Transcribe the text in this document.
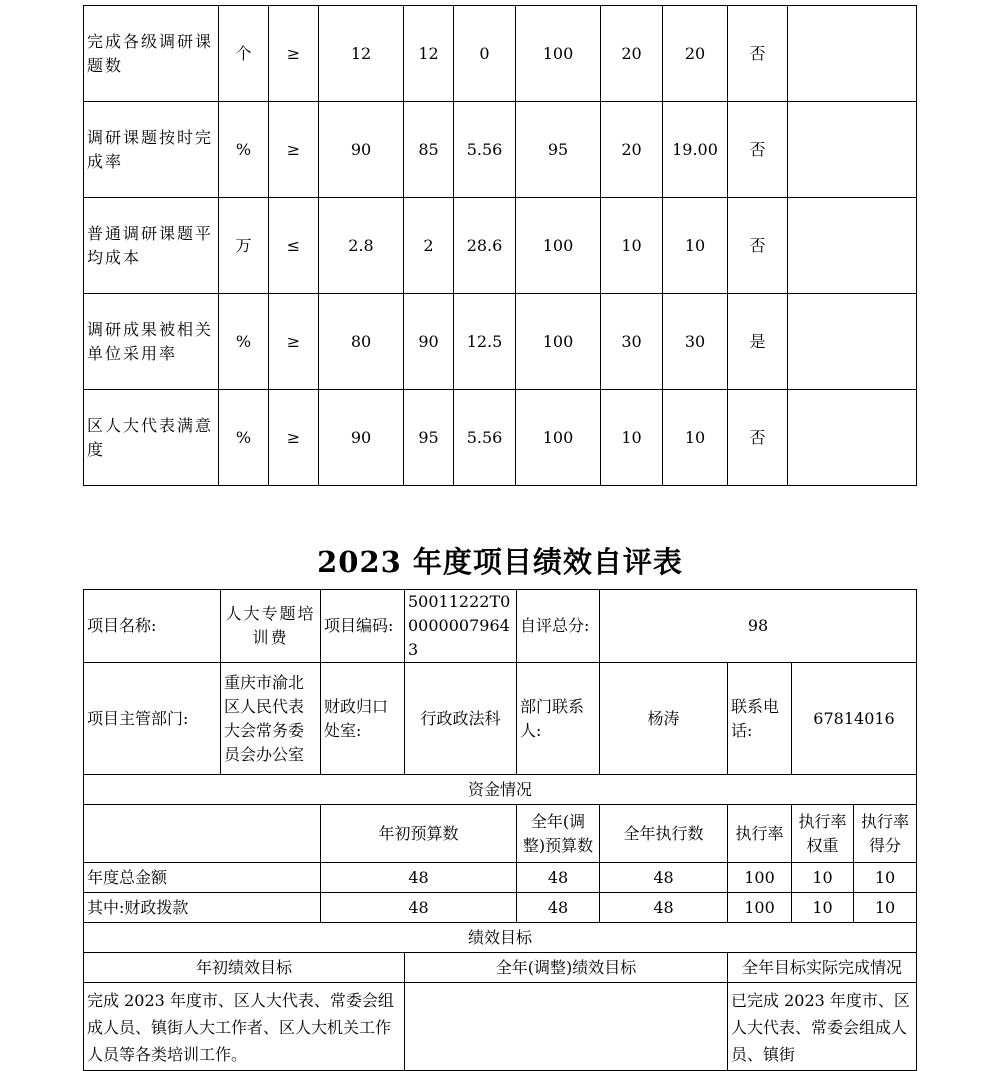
完成各级调研课题数	个	≥	12	12	0	100	20	20	否	
调研课题按时完成率	%	≥	90	85	5.56	95	20	19.00	否	
普通调研课题平均成本	万	≤	2.8	2	28.6	100	10	10	否	
调研成果被相关单位采用率	%	≥	80	90	12.5	100	30	30	是	
区人大代表满意度	%	≥	90	95	5.56	100	10	10	否	
2023 年度项目绩效自评表
项目名称:	人大专题培训费	项目编码:	50011222T000000079643	自评总分:	98			
项目主管部门:	重庆市渝北区人民代表大会常务委员会办公室	财政归口处室:	行政政法科	部门联系人:	杨涛	联系电话:	67814016	
资金情况								
		年初预算数		全年(调整)预算数	全年执行数	执行率	执行率权重	执行率得分
年度总金额		48		48	48	100	10	10
其中:财政拨款		48		48	48	100	10	10
绩效目标								
年初绩效目标			全年(调整)绩效目标			全年目标实际完成情况		
完成 2023 年度市、区人大代表、常委会组成人员、镇街人大工作者、区人大机关工作人员等各类培训工作。						已完成 2023 年度市、区人大代表、常委会组成人员、镇街		
